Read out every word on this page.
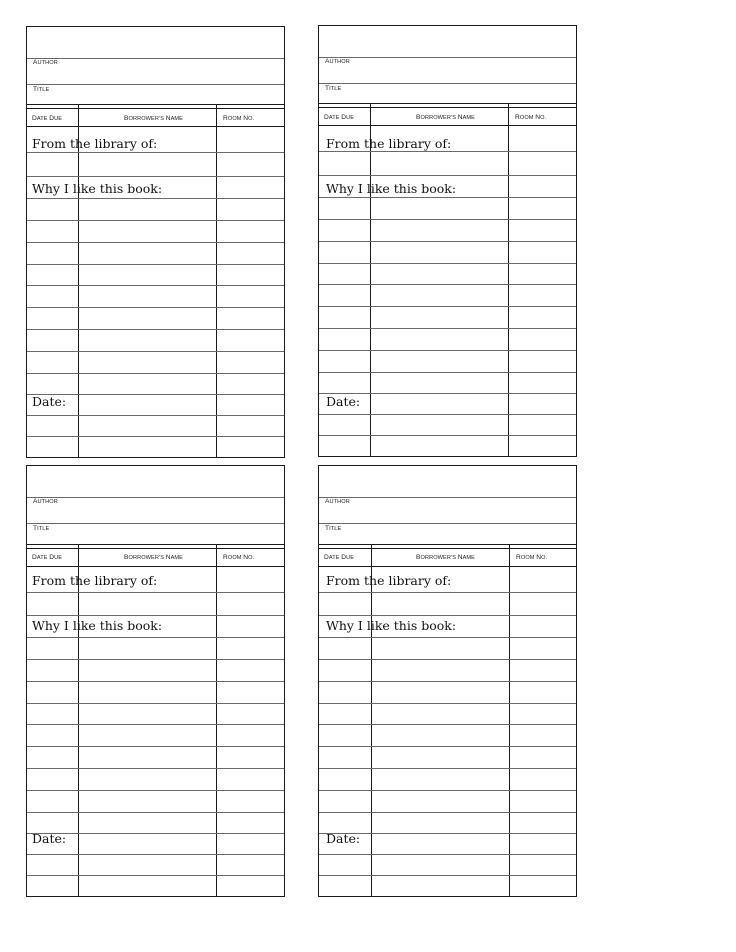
AUTHOR
TITLE
DATE DUE	BORROWER'S NAME	ROOM NO.
From the library of:
Why I like this book:
Date:
AUTHOR
TITLE
DATE DUE	BORROWER'S NAME	ROOM NO.
From the library of:
Why I like this book:
Date:
AUTHOR
TITLE
DATE DUE	BORROWER'S NAME	ROOM NO.
From the library of:
Why I like this book:
Date:
AUTHOR
TITLE
DATE DUE	BORROWER'S NAME	ROOM NO.
From the library of:
Why I like this book:
Date:
